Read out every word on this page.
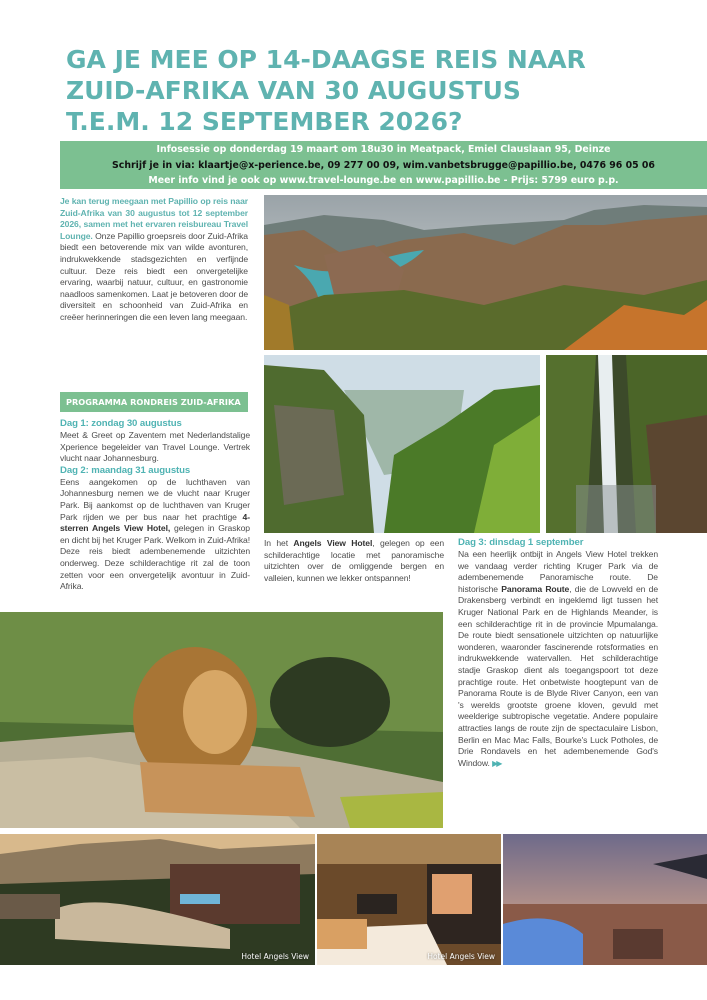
GA JE MEE OP 14-DAAGSE REIS NAAR
ZUID-AFRIKA VAN 30 AUGUSTUS
T.E.M. 12 SEPTEMBER 2026?
Infosessie op donderdag 19 maart om 18u30 in Meatpack, Emiel Clauslaan 95, Deinze
Schrijf je in via: klaartje@x-perience.be, 09 277 00 09, wim.vanbetsbrugge@papillio.be, 0476 96 05 06
Meer info vind je ook op www.travel-lounge.be en www.papillio.be - Prijs: 5799 euro p.p.
Je kan terug meegaan met Papillio op reis naar Zuid-Afrika van 30 augustus tot 12 september 2026, samen met het ervaren reisbureau Travel Lounge. Onze Papillio groepsreis door Zuid-Afrika biedt een betoverende mix van wilde avonturen, indrukwekkende stadsgezichten en verfijnde cultuur. Deze reis biedt een onvergetelijke ervaring, waarbij natuur, cultuur, en gastronomie naadloos samenkomen. Laat je betoveren door de diversiteit en schoonheid van Zuid-Afrika en creëer herinneringen die een leven lang meegaan.
PROGRAMMA RONDREIS ZUID-AFRIKA
Dag 1: zondag 30 augustus
Meet & Greet op Zaventem met Nederlandstalige Xperience begeleider van Travel Lounge. Vertrek vlucht naar Johannesburg.
Dag 2: maandag 31 augustus
Eens aangekomen op de luchthaven van Johannesburg nemen we de vlucht naar Kruger Park. Bij aankomst op de luchthaven van Kruger Park rijden we per bus naar het prachtige 4-sterren Angels View Hotel, gelegen in Graskop en dicht bij het Kruger Park. Welkom in Zuid-Afrika! Deze reis biedt adembenemende uitzichten onderweg. Deze schilderachtige rit zal de toon zetten voor een onvergetelijk avontuur in Zuid-Afrika.
In het Angels View Hotel, gelegen op een schilderachtige locatie met panoramische uitzichten over de omliggende bergen en valleien, kunnen we lekker ontspannen!
Dag 3: dinsdag 1 september
Na een heerlijk ontbijt in Angels View Hotel trekken we vandaag verder richting Kruger Park via de adembenemende Panoramische route. De historische Panorama Route, die de Lowveld en de Drakensberg verbindt en ingeklemd ligt tussen het Kruger National Park en de Highlands Meander, is een schilderachtige rit in de provincie Mpumalanga. De route biedt sensationele uitzichten op natuurlijke wonderen, waaronder fascinerende rotsformaties en indrukwekkende watervallen. Het schilderachtige stadje Graskop dient als toegangspoort tot deze prachtige route. Het onbetwiste hoogtepunt van de Panorama Route is de Blyde River Canyon, een van 's werelds grootste groene kloven, gevuld met weelderige subtropische vegetatie. Andere populaire attracties langs de route zijn de spectaculaire Lisbon, Berlin en Mac Mac Falls, Bourke's Luck Potholes, de Drie Rondavels en het adembenemende God's Window. ▶▶
Hotel Angels View	Hotel Angels View
